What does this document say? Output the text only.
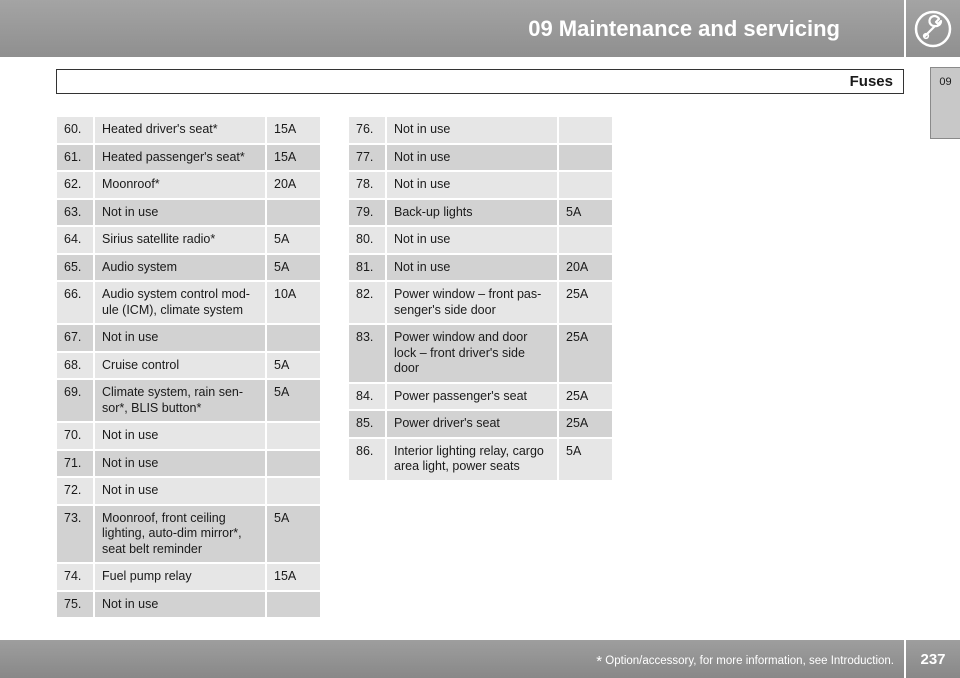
09 Maintenance and servicing
Fuses	09
60.	Heated driver's seat*	15A
61.	Heated passenger's seat*	15A
62.	Moonroof*	20A
63.	Not in use	
64.	Sirius satellite radio*	5A
65.	Audio system	5A
66.	Audio system control mod-
ule (ICM), climate system	10A
67.	Not in use	
68.	Cruise control	5A
69.	Climate system, rain sen-
sor*, BLIS button*	5A
70.	Not in use	
71.	Not in use	
72.	Not in use	
73.	Moonroof, front ceiling
lighting, auto-dim mirror*,
seat belt reminder	5A
74.	Fuel pump relay	15A
75.	Not in use	
76.	Not in use	
77.	Not in use	
78.	Not in use	
79.	Back-up lights	5A
80.	Not in use	
81.	Not in use	20A
82.	Power window – front pas-
senger's side door	25A
83.	Power window and door
lock – front driver's side
door	25A
84.	Power passenger's seat	25A
85.	Power driver's seat	25A
86.	Interior lighting relay, cargo
area light, power seats	5A
* Option/accessory, for more information, see Introduction.	237
